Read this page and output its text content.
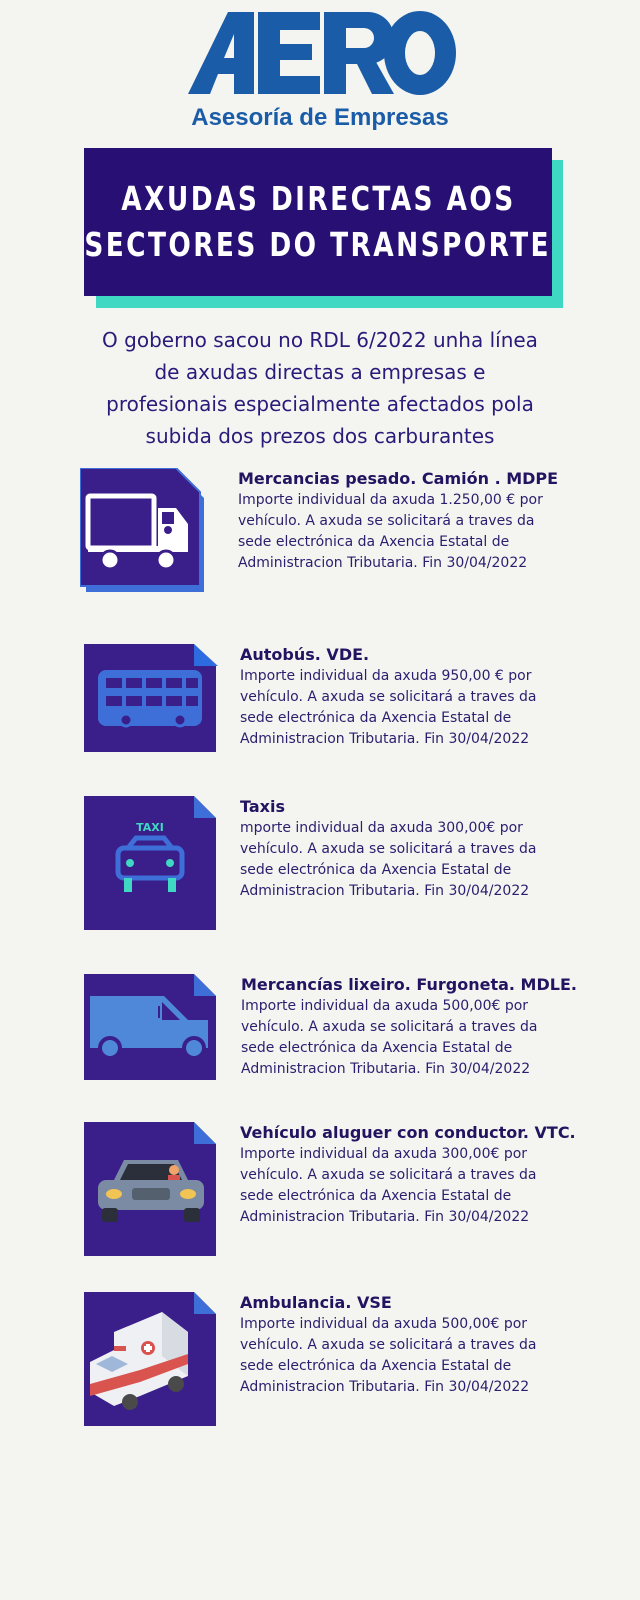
Asesoría de Empresas
AXUDAS DIRECTAS AOS
SECTORES DO TRANSPORTE
O goberno sacou no RDL 6/2022 unha línea de axudas directas a empresas e profesionais especialmente afectados pola subida dos prezos dos carburantes
Mercancias pesado. Camión . MDPE
Importe individual da axuda 1.250,00 € por vehículo. A axuda se solicitará a traves da sede electrónica da Axencia Estatal de Administracion Tributaria. Fin 30/04/2022
Autobús. VDE.
Importe individual da axuda 950,00 € por vehículo. A axuda se solicitará a traves da sede electrónica da Axencia Estatal de Administracion Tributaria. Fin 30/04/2022
TAXI
Taxis
mporte individual da axuda 300,00€ por vehículo. A axuda se solicitará a traves da sede electrónica da Axencia Estatal de Administracion Tributaria. Fin 30/04/2022
Mercancías lixeiro. Furgoneta. MDLE.
Importe individual da axuda 500,00€ por vehículo. A axuda se solicitará a traves da sede electrónica da Axencia Estatal de Administracion Tributaria. Fin 30/04/2022
Vehículo aluguer con conductor. VTC.
Importe individual da axuda 300,00€ por vehículo. A axuda se solicitará a traves da sede electrónica da Axencia Estatal de Administracion Tributaria. Fin 30/04/2022
Ambulancia. VSE
Importe individual da axuda 500,00€ por vehículo. A axuda se solicitará a traves da sede electrónica da Axencia Estatal de Administracion Tributaria. Fin 30/04/2022
